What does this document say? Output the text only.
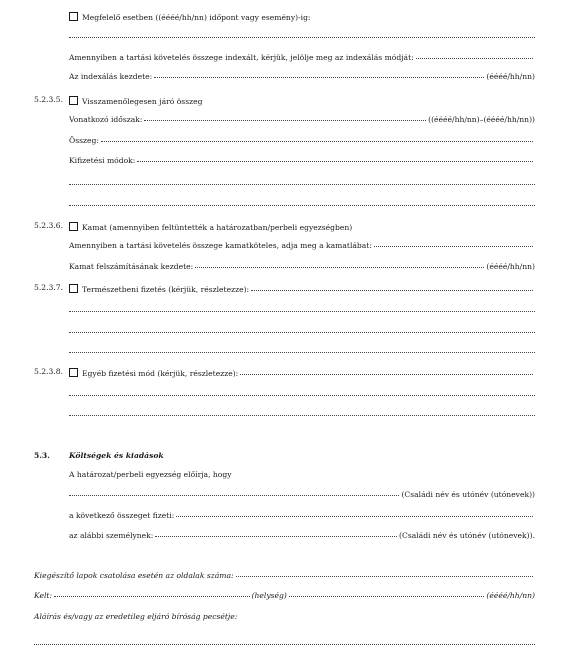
Megfelelő esetben ((éééé/hh/nn) időpont vagy esemény)-ig:
Amennyiben a tartási követelés összege indexált, kérjük, jelölje meg az indexálás módját:
Az indexálás kezdete:	(éééé/hh/nn)
5.2.3.5.	Visszamenőlegesen járó összeg
Vonatkozó időszak:	((éééé/hh/nn)–(éééé/hh/nn))
Összeg:
Kifizetési módok:
5.2.3.6.	Kamat (amennyiben feltüntették a határozatban/perbeli egyezségben)
Amennyiben a tartási követelés összege kamatköteles, adja meg a kamatlábat:
Kamat felszámításának kezdete:	(éééé/hh/nn)
5.2.3.7.	Természetbeni fizetés (kérjük, részletezze):
5.2.3.8.	Egyéb fizetési mód (kérjük, részletezze):
5.3.	Költségek és kiadások
A határozat/perbeli egyezség előírja, hogy
(Családi név és utónév (utónevek))
a következő összeget fizeti:
az alábbi személynek:	(Családi név és utónév (utónevek)).
Kiegészítő lapok csatolása esetén az oldalak száma:
Kelt:	(helység)	(éééé/hh/nn)
Aláírás és/vagy az eredetileg eljáró bíróság pecsétje:
